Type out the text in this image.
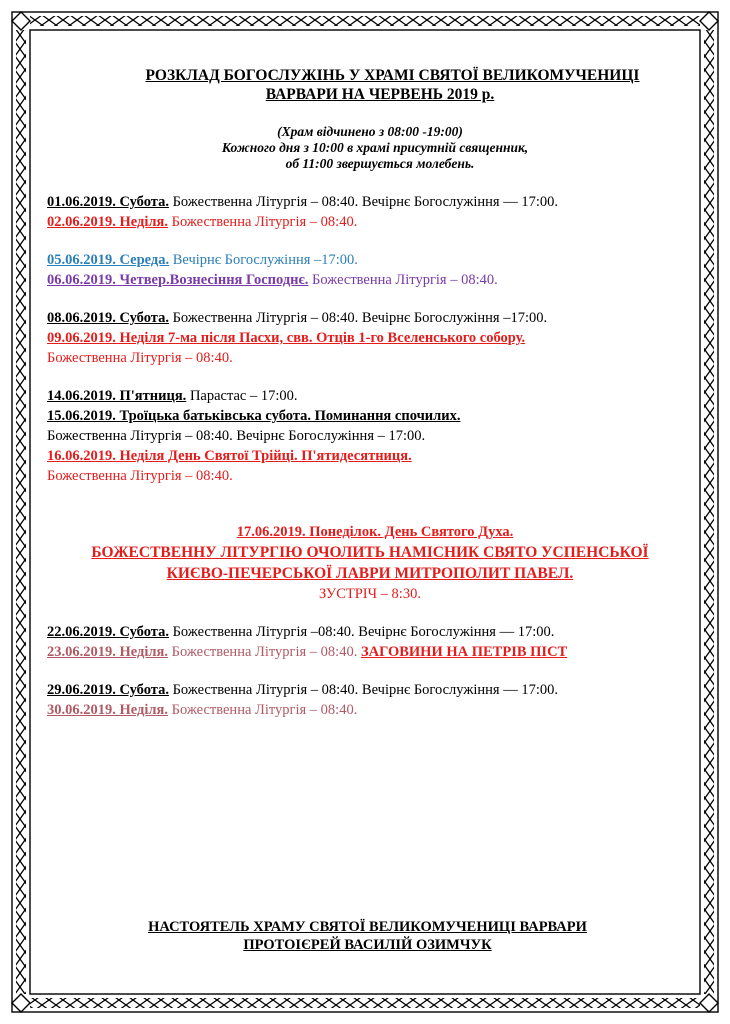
РОЗКЛАД БОГОСЛУЖІНЬ У ХРАМІ СВЯТОЇ ВЕЛИКОМУЧЕНИЦІ
ВАРВАРИ НА ЧЕРВЕНЬ 2019 р.
(Храм відчинено з 08:00 -19:00)
Кожного дня з 10:00 в храмі присутній священник,
об 11:00 звершується молебень.
01.06.2019. Субота. Божественна Літургія – 08:40. Вечірнє Богослужіння — 17:00.
02.06.2019. Неділя. Божественна Літургія – 08:40.
05.06.2019. Середа. Вечірнє Богослужіння –17:00.
06.06.2019. Четвер.Вознесіння Господнє. Божественна Літургія – 08:40.
08.06.2019. Субота. Божественна Літургія – 08:40. Вечірнє Богослужіння –17:00.
09.06.2019. Неділя 7-ма після Пасхи, свв. Отців 1-го Вселенського собору.
Божественна Літургія – 08:40.
14.06.2019. П'ятниця. Парастас – 17:00.
15.06.2019. Троїцька батьківська субота. Поминання спочилих.
Божественна Літургія – 08:40. Вечірнє Богослужіння – 17:00.
16.06.2019. Неділя День Святої Трійці. П'ятидесятниця.
Божественна Літургія – 08:40.
17.06.2019. Понеділок. День Святого Духа.
БОЖЕСТВЕННУ ЛІТУРГІЮ ОЧОЛИТЬ НАМІСНИК СВЯТО УСПЕНСЬКОЇ
КИЄВО-ПЕЧЕРСЬКОЇ ЛАВРИ МИТРОПОЛИТ ПАВЕЛ.
ЗУСТРІЧ – 8:30.
22.06.2019. Субота. Божественна Літургія –08:40. Вечірнє Богослужіння — 17:00.
23.06.2019. Неділя. Божественна Літургія – 08:40. ЗАГОВИНИ НА ПЕТРІВ ПІСТ
29.06.2019. Субота. Божественна Літургія – 08:40. Вечірнє Богослужіння — 17:00.
30.06.2019. Неділя. Божественна Літургія – 08:40.
НАСТОЯТЕЛЬ ХРАМУ СВЯТОЇ ВЕЛИКОМУЧЕНИЦІ ВАРВАРИ
ПРОТОІЄРЕЙ ВАСИЛІЙ ОЗИМЧУК
